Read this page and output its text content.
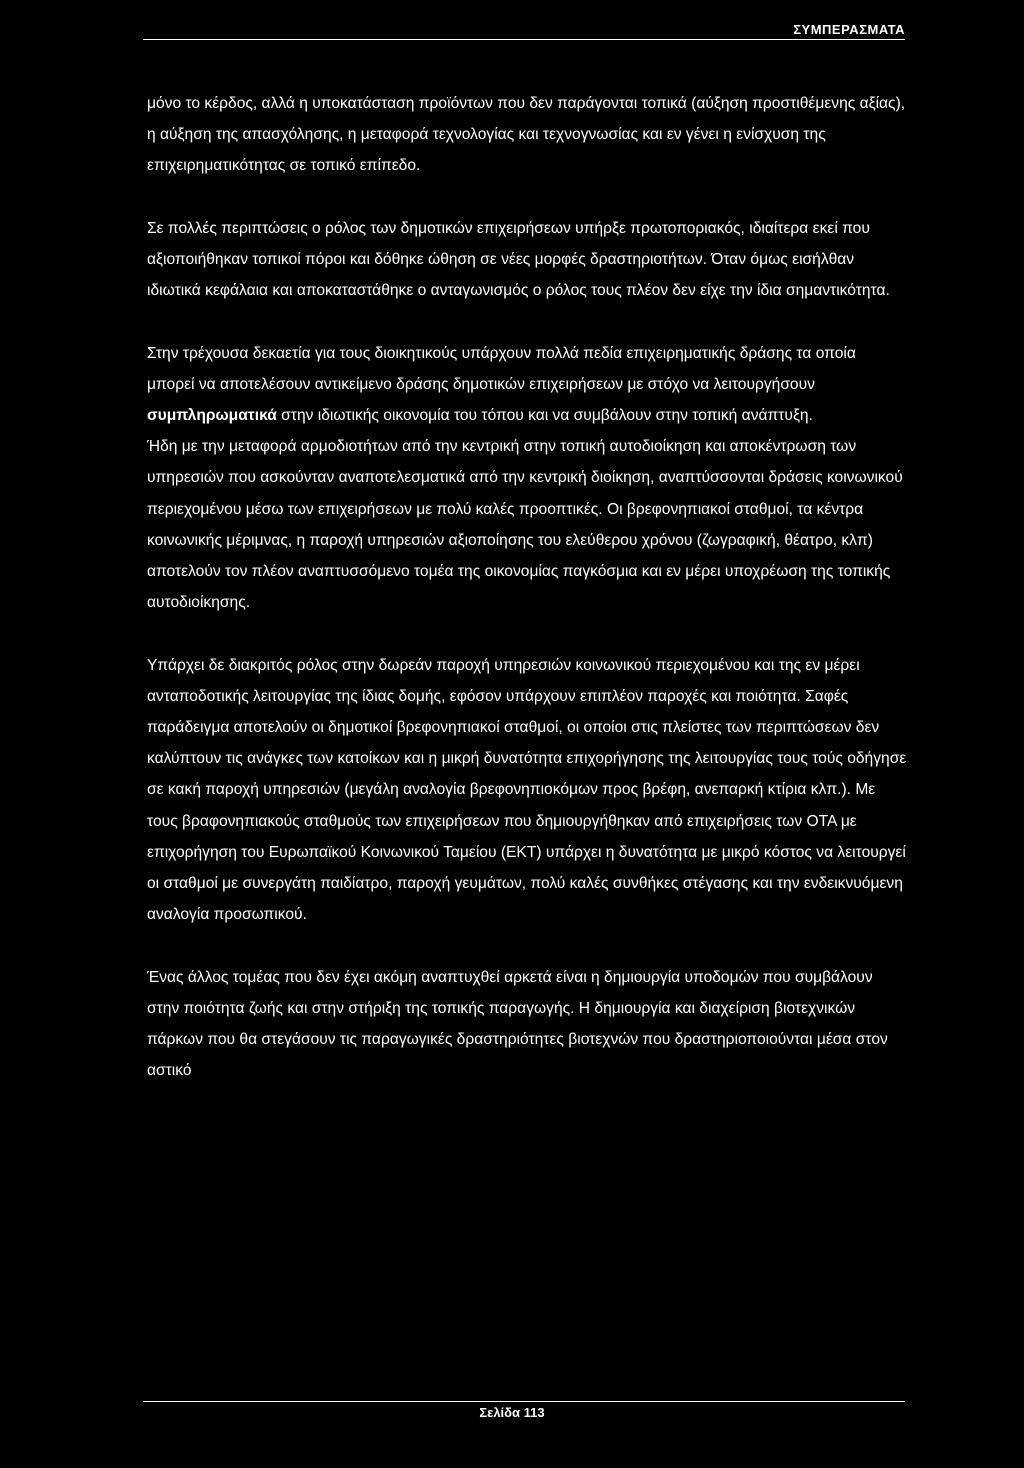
ΣΥΜΠΕΡΑΣΜΑΤΑ

μόνο το κέρδος, αλλά η υποκατάσταση προϊόντων που δεν παράγονται τοπικά (αύξηση προστιθέμενης αξίας), η αύξηση της απασχόλησης, η μεταφορά τεχνολογίας και τεχνογνωσίας και εν γένει η ενίσχυση της επιχειρηματικότητας σε τοπικό επίπεδο.

Σε πολλές περιπτώσεις ο ρόλος των δημοτικών επιχειρήσεων υπήρξε πρωτοποριακός, ιδιαίτερα εκεί που αξιοποιήθηκαν τοπικοί πόροι και δόθηκε ώθηση σε νέες μορφές δραστηριοτήτων. Όταν όμως εισήλθαν ιδιωτικά κεφάλαια και αποκαταστάθηκε ο ανταγωνισμός ο ρόλος τους πλέον δεν είχε την ίδια σημαντικότητα.

Στην τρέχουσα δεκαετία για τους διοικητικούς υπάρχουν πολλά πεδία επιχειρηματικής δράσης τα οποία μπορεί να αποτελέσουν αντικείμενο δράσης δημοτικών επιχειρήσεων με στόχο να λειτουργήσουν συμπληρωματικά στην ιδιωτικής οικονομία του τόπου και να συμβάλουν στην τοπική ανάπτυξη.

Ήδη με την μεταφορά αρμοδιοτήτων από την κεντρική στην τοπική αυτοδιοίκηση και αποκέντρωση των υπηρεσιών που ασκούνταν αναποτελεσματικά από την κεντρική διοίκηση, αναπτύσσονται δράσεις κοινωνικού περιεχομένου μέσω των επιχειρήσεων με πολύ καλές προοπτικές. Οι βρεφονηπιακοί σταθμοί, τα κέντρα κοινωνικής μέριμνας, η παροχή υπηρεσιών αξιοποίησης του ελεύθερου χρόνου (ζωγραφική, θέατρο, κλπ) αποτελούν τον πλέον αναπτυσσόμενο τομέα της οικονομίας παγκόσμια και εν μέρει υποχρέωση της τοπικής αυτοδιοίκησης.

Υπάρχει δε διακριτός ρόλος στην δωρεάν παροχή υπηρεσιών κοινωνικού περιεχομένου και της εν μέρει ανταποδοτικής λειτουργίας της ίδιας δομής, εφόσον υπάρχουν επιπλέον παροχές και ποιότητα. Σαφές παράδειγμα αποτελούν οι δημοτικοί βρεφονηπιακοί σταθμοί, οι οποίοι στις πλείστες των περιπτώσεων δεν καλύπτουν τις ανάγκες των κατοίκων και η μικρή δυνατότητα επιχορήγησης της λειτουργίας τους τούς οδήγησε σε κακή παροχή υπηρεσιών (μεγάλη αναλογία βρεφονηπιοκόμων προς βρέφη, ανεπαρκή κτίρια κλπ.). Με τους βραφονηπιακούς σταθμούς των επιχειρήσεων που δημιουργήθηκαν από επιχειρήσεις των ΟΤΑ με επιχορήγηση του Ευρωπαϊκού Κοινωνικού Ταμείου (ΕΚΤ) υπάρχει η δυνατότητα με μικρό κόστος να λειτουργεί οι σταθμοί με συνεργάτη παιδίατρο, παροχή γευμάτων, πολύ καλές συνθήκες στέγασης και την ενδεικνυόμενη αναλογία προσωπικού.

Ένας άλλος τομέας που δεν έχει ακόμη αναπτυχθεί αρκετά είναι η δημιουργία υποδομών που συμβάλουν στην ποιότητα ζωής και στην στήριξη της τοπικής παραγωγής. Η δημιουργία και διαχείριση βιοτεχνικών πάρκων που θα στεγάσουν τις παραγωγικές δραστηριότητες βιοτεχνών που δραστηριοποιούνται μέσα στον αστικό

Σελίδα 113
